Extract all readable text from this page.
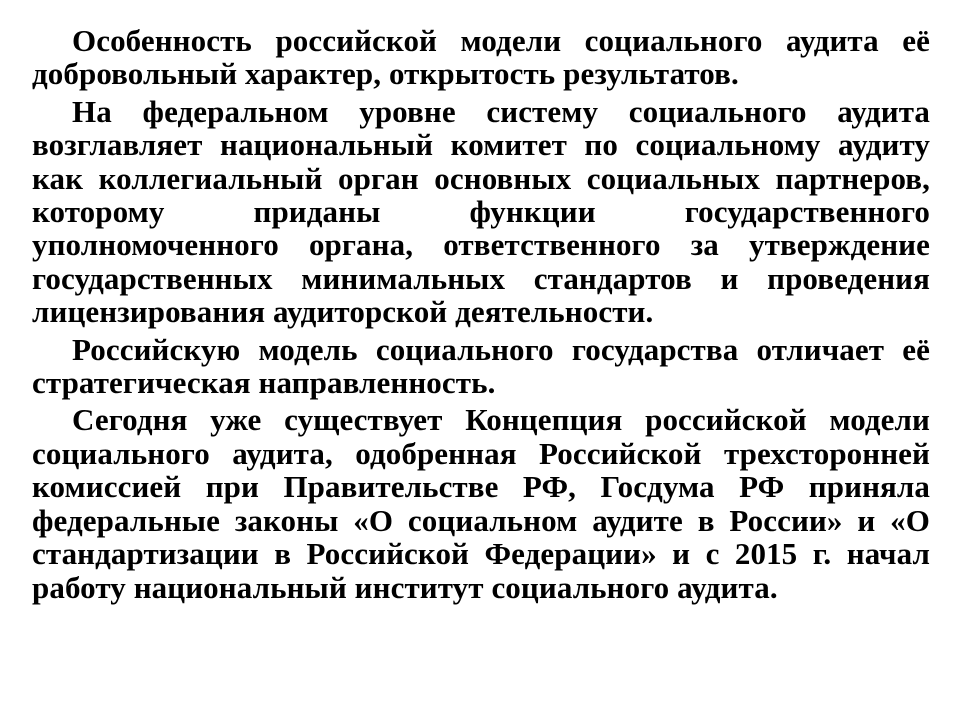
Особенность российской модели социального аудита её добровольный характер, открытость результатов.

На федеральном уровне систему социального аудита возглавляет национальный комитет по социальному аудиту как коллегиальный орган основных социальных партнеров, которому приданы функции государственного уполномоченного органа, ответственного за утверждение государственных минимальных стандартов и проведения лицензирования аудиторской деятельности.

Российскую модель социального государства отличает её стратегическая направленность.

Сегодня уже существует Концепция российской модели социального аудита, одобренная Российской трехсторонней комиссией при Правительстве РФ, Госдума РФ приняла федеральные законы «О социальном аудите в России» и «О стандартизации в Российской Федерации» и с 2015 г. начал работу национальный институт социального аудита.
